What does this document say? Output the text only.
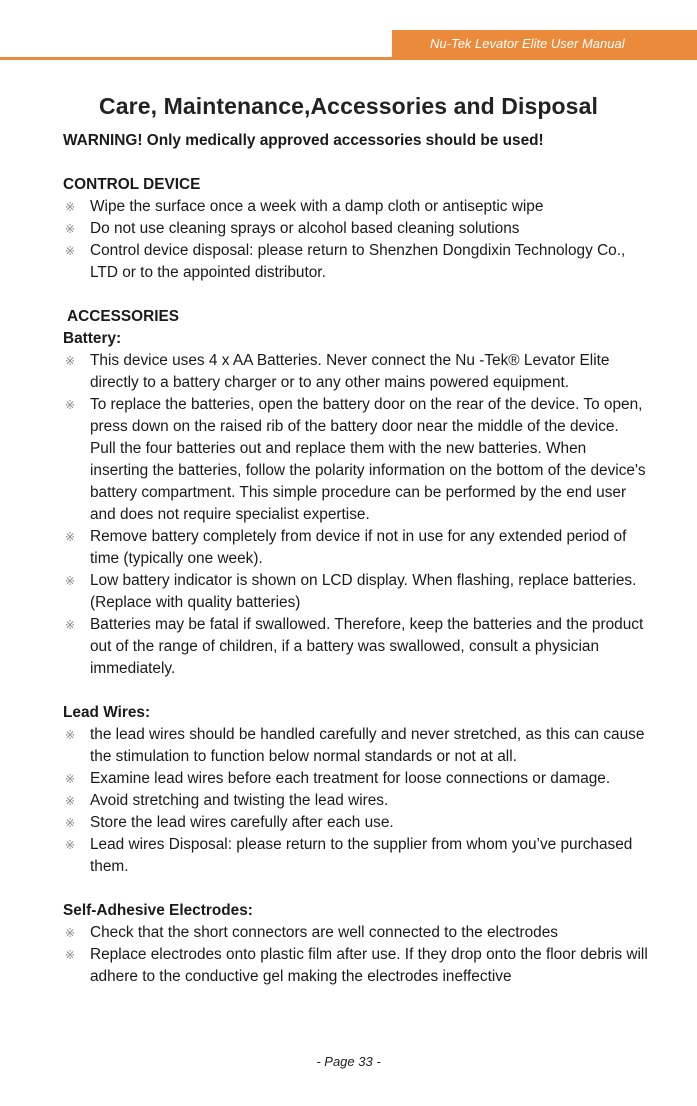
Nu-Tek Levator Elite User Manual
Care, Maintenance,Accessories and Disposal

WARNING! Only medically approved accessories should be used!

CONTROL DEVICE

※ Wipe the surface once a week with a damp cloth or antiseptic wipe
※ Do not use cleaning sprays or alcohol based cleaning solutions
※ Control device disposal: please return to Shenzhen Dongdixin Technology Co., LTD or to the appointed distributor.

ACCESSORIES

Battery:

※ This device uses 4 x AA Batteries. Never connect the Nu -Tek® Levator Elite directly to a battery charger or to any other mains powered equipment.
※ To replace the batteries, open the battery door on the rear of the device. To open, press down on the raised rib of the battery door near the middle of the device. Pull the four batteries out and replace them with the new batteries. When inserting the batteries, follow the polarity information on the bottom of the device's battery compartment. This simple procedure can be performed by the end user and does not require specialist expertise.
※ Remove battery completely from device if not in use for any extended period of time (typically one week).
※ Low battery indicator is shown on LCD display. When flashing, replace batteries. (Replace with quality batteries)
※ Batteries may be fatal if swallowed. Therefore, keep the batteries and the product out of the range of children, if a battery was swallowed, consult a physician immediately.

Lead Wires:

※ the lead wires should be handled carefully and never stretched, as this can cause the stimulation to function below normal standards or not at all.
※ Examine lead wires before each treatment for loose connections or damage.
※ Avoid stretching and twisting the lead wires.
※ Store the lead wires carefully after each use.
※ Lead wires Disposal: please return to the supplier from whom you’ve purchased them.

Self-Adhesive Electrodes:

※ Check that the short connectors are well connected to the electrodes
※ Replace electrodes onto plastic film after use. If they drop onto the floor debris will adhere to the conductive gel making the electrodes ineffective
- Page 33 -
